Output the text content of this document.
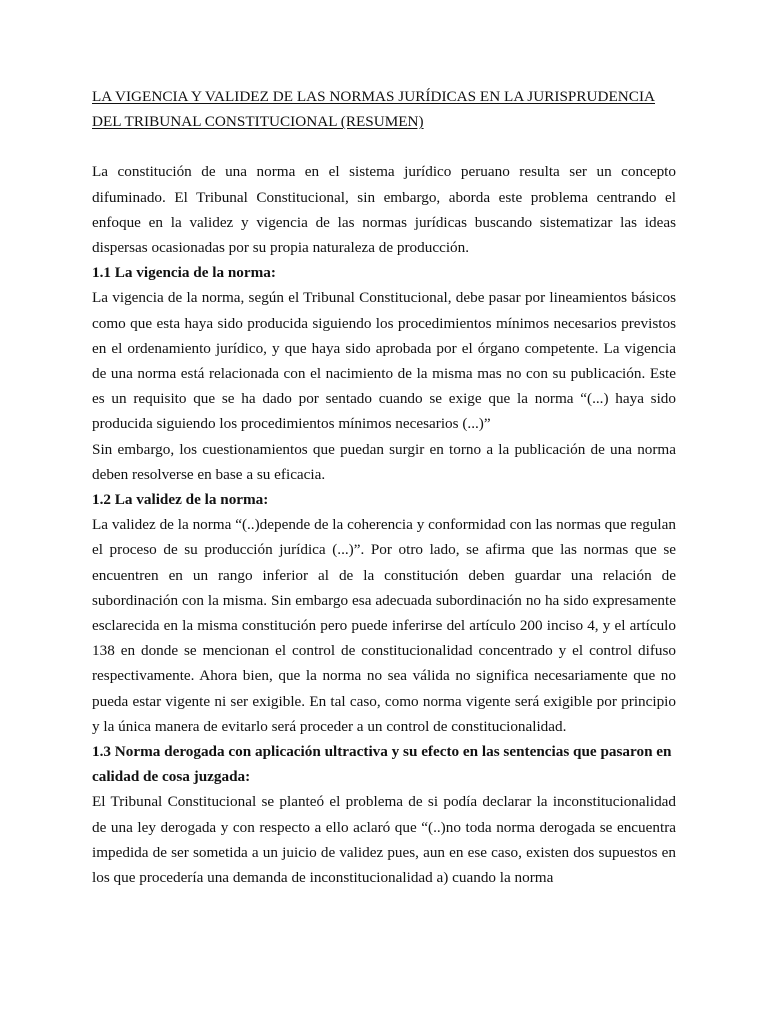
LA VIGENCIA Y VALIDEZ DE LAS NORMAS JURÍDICAS EN LA JURISPRUDENCIA DEL TRIBUNAL CONSTITUCIONAL (RESUMEN)

La constitución de una norma en el sistema jurídico peruano resulta ser un concepto difuminado. El Tribunal Constitucional, sin embargo, aborda este problema centrando el enfoque en la validez y vigencia de las normas jurídicas buscando sistematizar las ideas dispersas ocasionadas por su propia naturaleza de producción.

1.1 La vigencia de la norma:

La vigencia de la norma, según el Tribunal Constitucional, debe pasar por lineamientos básicos como que esta haya sido producida siguiendo los procedimientos mínimos necesarios previstos en el ordenamiento jurídico, y que haya sido aprobada por el órgano competente. La vigencia de una norma está relacionada con el nacimiento de la misma mas no con su publicación. Este es un requisito que se ha dado por sentado cuando se exige que la norma “(...) haya sido producida siguiendo los procedimientos mínimos necesarios (...)”

Sin embargo, los cuestionamientos que puedan surgir en torno a la publicación de una norma deben resolverse en base a su eficacia.

1.2 La validez de la norma:

La validez de la norma “(..)depende de la coherencia y conformidad con las normas que regulan el proceso de su producción jurídica (...)”. Por otro lado, se afirma que las normas que se encuentren en un rango inferior al de la constitución deben guardar una relación de subordinación con la misma. Sin embargo esa adecuada subordinación no ha sido expresamente esclarecida en la misma constitución pero puede inferirse del artículo 200 inciso 4, y el artículo 138 en donde se mencionan el control de constitucionalidad concentrado y el control difuso respectivamente. Ahora bien, que la norma no sea válida no significa necesariamente que no pueda estar vigente ni ser exigible. En tal caso, como norma vigente será exigible por principio y la única manera de evitarlo será proceder a un control de constitucionalidad.

1.3 Norma derogada con aplicación ultractiva y su efecto en las sentencias que pasaron en calidad de cosa juzgada:

El Tribunal Constitucional se planteó el problema de si podía declarar la inconstitucionalidad de una ley derogada y con respecto a ello aclaró que “(..)no toda norma derogada se encuentra impedida de ser sometida a un juicio de validez pues, aun en ese caso, existen dos supuestos en los que procedería una demanda de inconstitucionalidad a) cuando la norma
